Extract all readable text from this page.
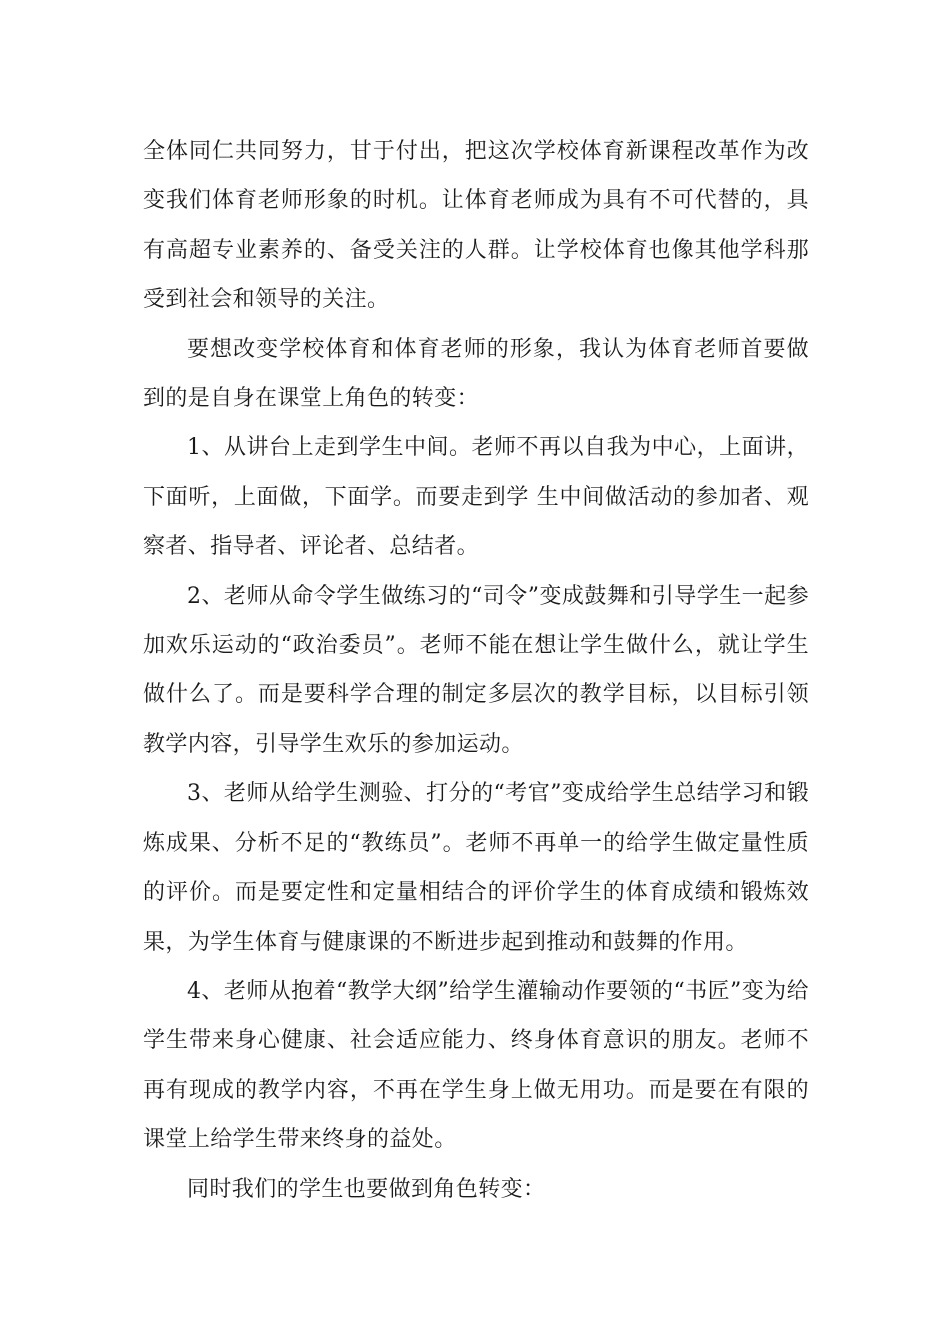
全体同仁共同努力，甘于付出，把这次学校体育新课程改革作为改变我们体育老师形象的时机。让体育老师成为具有不可代替的，具有高超专业素养的、备受关注的人群。让学校体育也像其他学科那受到社会和领导的关注。

要想改变学校体育和体育老师的形象，我认为体育老师首要做到的是自身在课堂上角色的转变：

1、从讲台上走到学生中间。老师不再以自我为中心，上面讲，下面听，上面做，下面学。而要走到学 生中间做活动的参加者、观察者、指导者、评论者、总结者。

2、老师从命令学生做练习的“司令”变成鼓舞和引导学生一起参加欢乐运动的“政治委员”。老师不能在想让学生做什么，就让学生做什么了。而是要科学合理的制定多层次的教学目标，以目标引领教学内容，引导学生欢乐的参加运动。

3、老师从给学生测验、打分的“考官”变成给学生总结学习和锻炼成果、分析不足的“教练员”。老师不再单一的给学生做定量性质的评价。而是要定性和定量相结合的评价学生的体育成绩和锻炼效果，为学生体育与健康课的不断进步起到推动和鼓舞的作用。

4、老师从抱着“教学大纲”给学生灌输动作要领的“书匠”变为给学生带来身心健康、社会适应能力、终身体育意识的朋友。老师不再有现成的教学内容，不再在学生身上做无用功。而是要在有限的课堂上给学生带来终身的益处。

同时我们的学生也要做到角色转变：
